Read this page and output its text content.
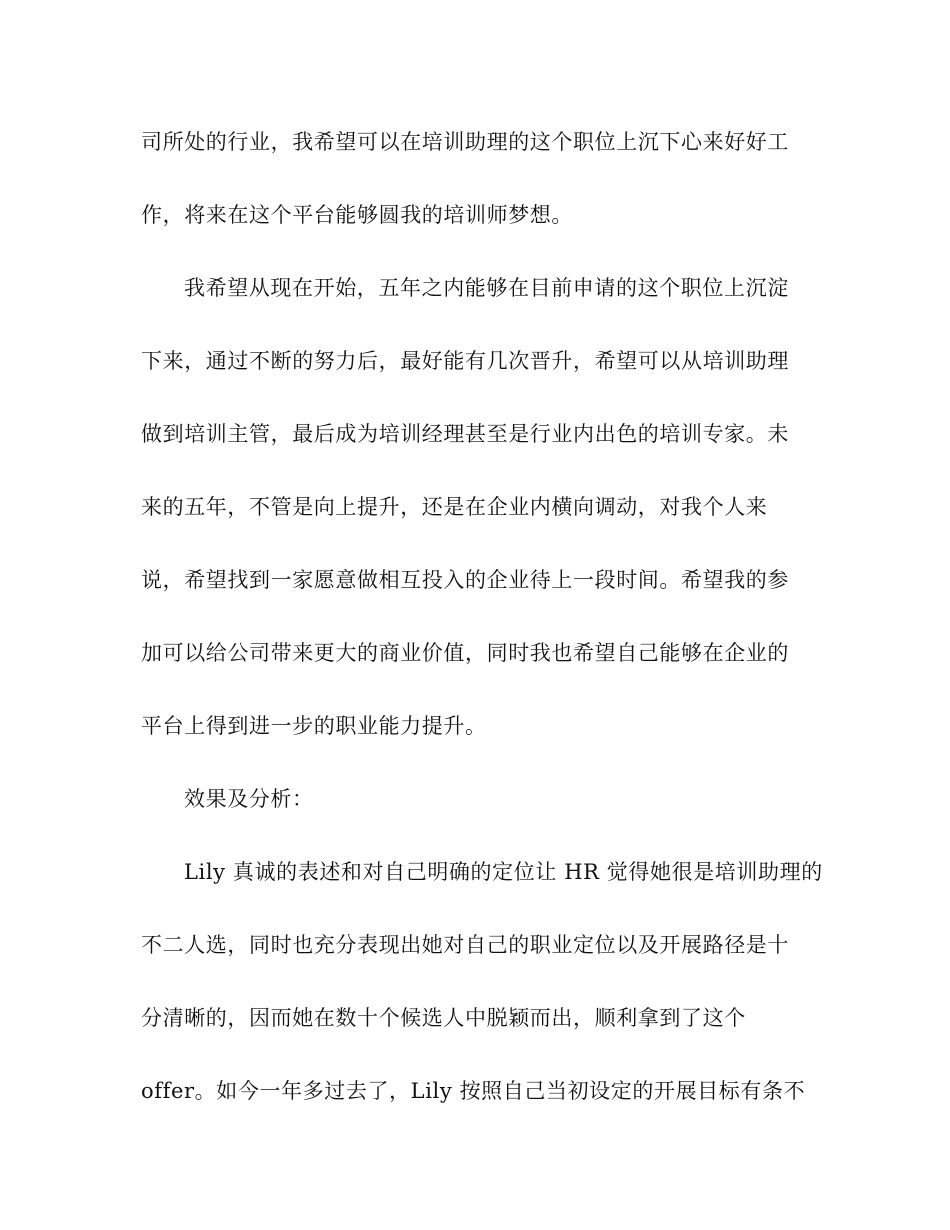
司所处的行业，我希望可以在培训助理的这个职位上沉下心来好好工

作，将来在这个平台能够圆我的培训师梦想。

我希望从现在开始，五年之内能够在目前申请的这个职位上沉淀

下来，通过不断的努力后，最好能有几次晋升，希望可以从培训助理

做到培训主管，最后成为培训经理甚至是行业内出色的培训专家。未

来的五年，不管是向上提升，还是在企业内横向调动，对我个人来

说，希望找到一家愿意做相互投入的企业待上一段时间。希望我的参

加可以给公司带来更大的商业价值，同时我也希望自己能够在企业的

平台上得到进一步的职业能力提升。

效果及分析：

Lily 真诚的表述和对自己明确的定位让 HR 觉得她很是培训助理的

不二人选，同时也充分表现出她对自己的职业定位以及开展路径是十

分清晰的，因而她在数十个候选人中脱颖而出，顺利拿到了这个

offer。如今一年多过去了，Lily 按照自己当初设定的开展目标有条不
